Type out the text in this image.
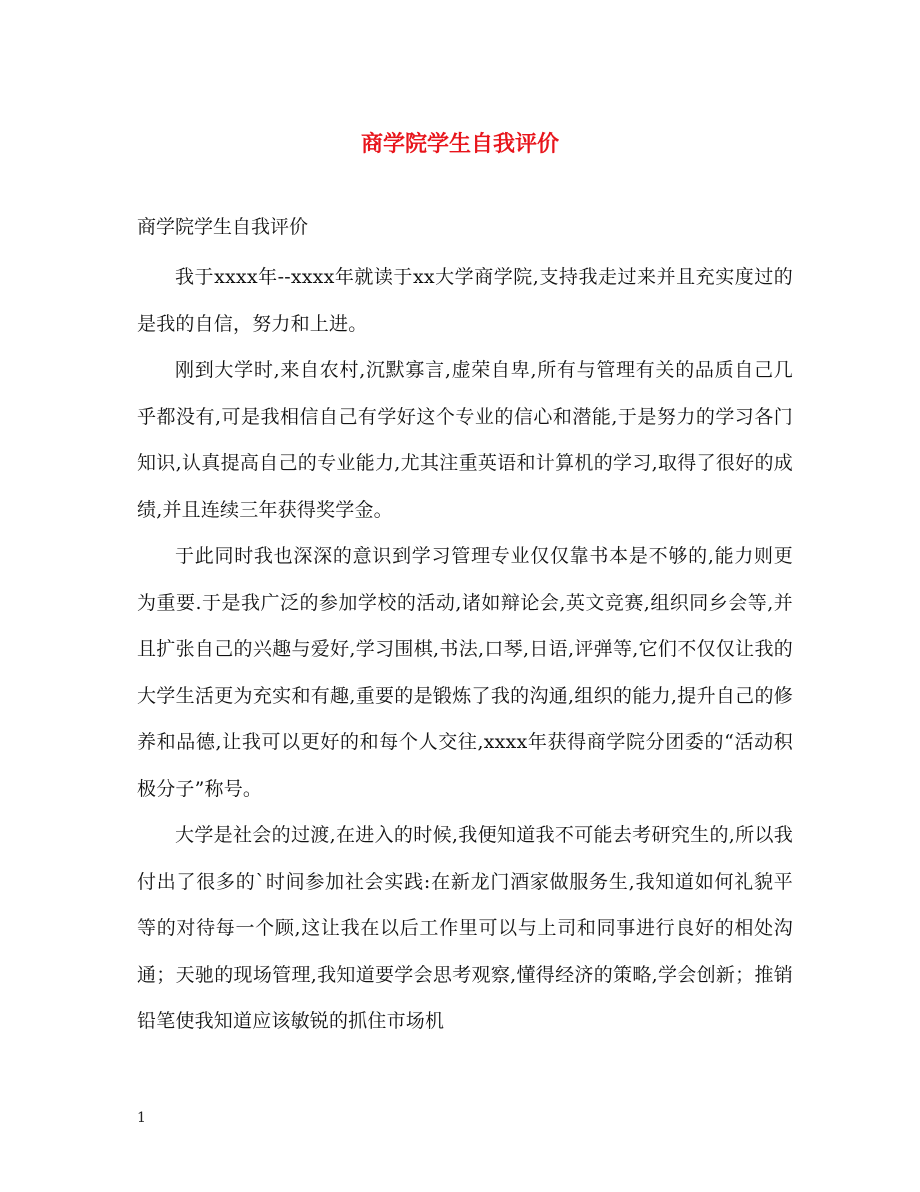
商学院学生自我评价
商学院学生自我评价

我于xxxx年--xxxx年就读于xx大学商学院,支持我走过来并且充实度过的是我的自信，努力和上进。

刚到大学时,来自农村,沉默寡言,虚荣自卑,所有与管理有关的品质自己几乎都没有,可是我相信自己有学好这个专业的信心和潜能,于是努力的学习各门知识,认真提高自己的专业能力,尤其注重英语和计算机的学习,取得了很好的成绩,并且连续三年获得奖学金。

于此同时我也深深的意识到学习管理专业仅仅靠书本是不够的,能力则更为重要.于是我广泛的参加学校的活动,诸如辩论会,英文竞赛,组织同乡会等,并且扩张自己的兴趣与爱好,学习围棋,书法,口琴,日语,评弹等,它们不仅仅让我的大学生活更为充实和有趣,重要的是锻炼了我的沟通,组织的能力,提升自己的修养和品德,让我可以更好的和每个人交往,xxxx年获得商学院分团委的“活动积极分子”称号。

大学是社会的过渡,在进入的时候,我便知道我不可能去考研究生的,所以我付出了很多的`时间参加社会实践:在新龙门酒家做服务生,我知道如何礼貌平等的对待每一个顾,这让我在以后工作里可以与上司和同事进行良好的相处沟通；天驰的现场管理,我知道要学会思考观察,懂得经济的策略,学会创新；推销铅笔使我知道应该敏锐的抓住市场机

1
